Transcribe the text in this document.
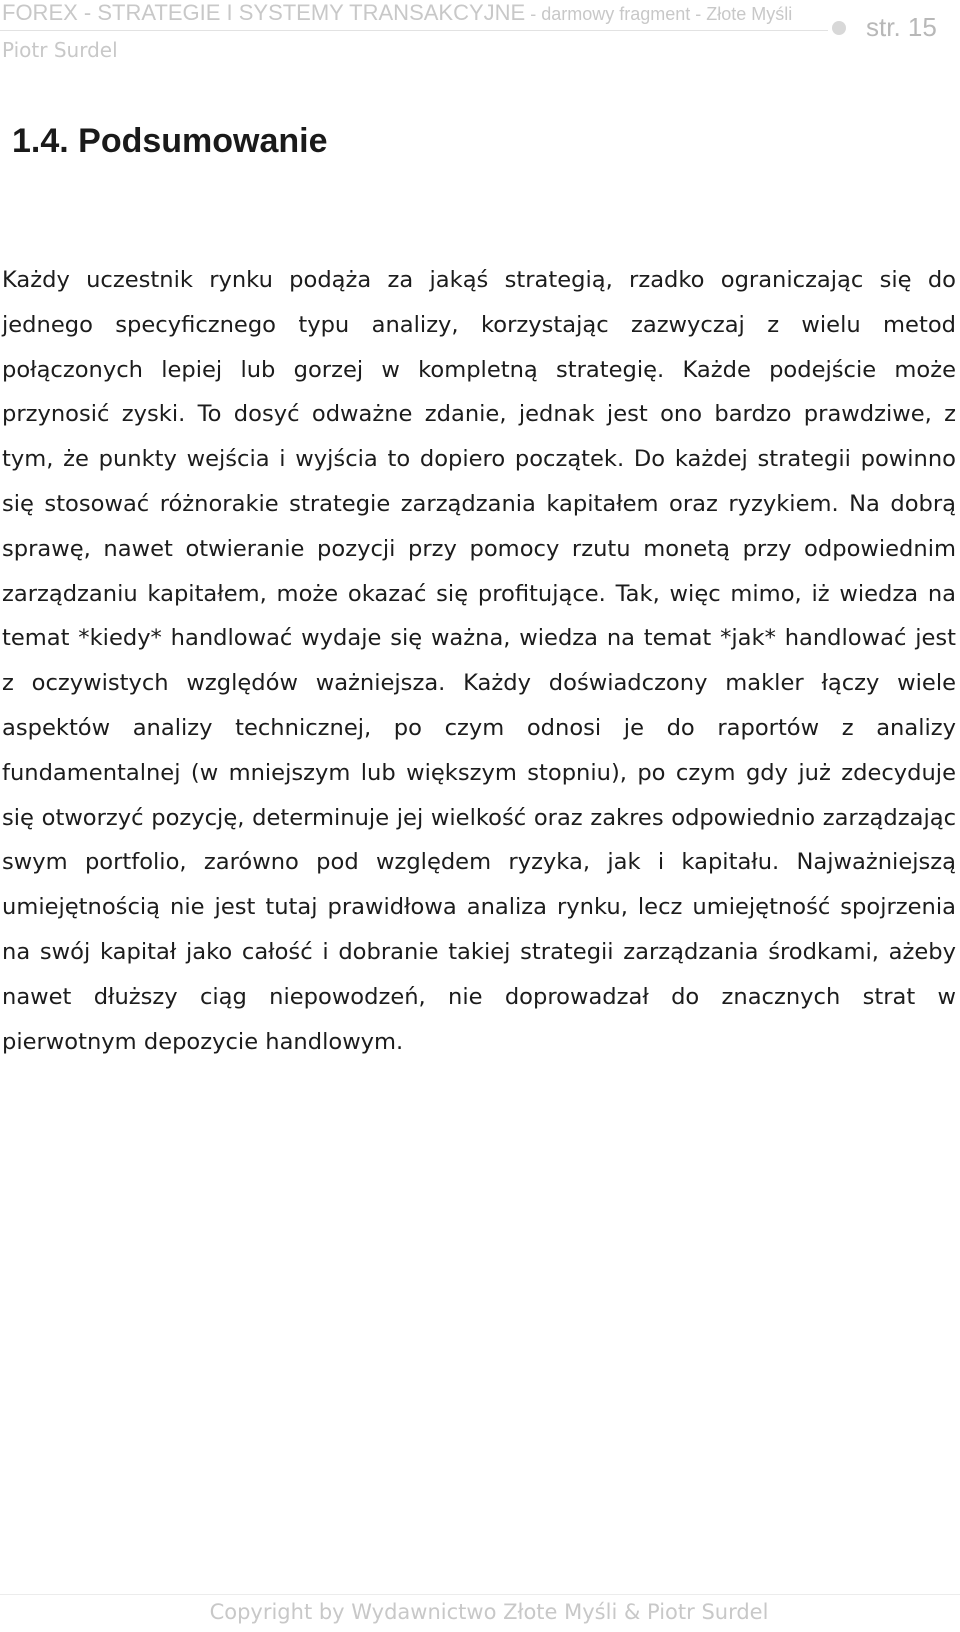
FOREX - STRATEGIE I SYSTEMY TRANSAKCYJNE - darmowy fragment - Złote Myśli
Piotr Surdel
str. 15
1.4. Podsumowanie

Każdy uczestnik rynku podąża za jakąś strategią, rzadko ograniczając się do jednego specyficznego typu analizy, korzystając zazwyczaj z wielu metod połączonych lepiej lub gorzej w kompletną strategię. Każde podejście może przynosić zyski. To dosyć odważne zdanie, jednak jest ono bardzo prawdziwe, z tym, że punkty wejścia i wyjścia to dopiero początek. Do każdej strategii powinno się stosować różnorakie strategie zarządzania kapitałem oraz ryzykiem. Na dobrą sprawę, nawet otwieranie pozycji przy pomocy rzutu monetą przy odpowiednim zarządzaniu kapitałem, może okazać się profitujące. Tak, więc mimo, iż wiedza na temat *kiedy* handlować wydaje się ważna, wiedza na temat *jak* handlować jest z oczywistych względów ważniejsza. Każdy doświadczony makler łączy wiele aspektów analizy technicznej, po czym odnosi je do raportów z analizy fundamentalnej (w mniejszym lub większym stopniu), po czym gdy już zdecyduje się otworzyć pozycję, determinuje jej wielkość oraz zakres odpowiednio zarządzając swym portfolio, zarówno pod względem ryzyka, jak i kapitału. Najważniejszą umiejętnością nie jest tutaj prawidłowa analiza rynku, lecz umiejętność spojrzenia na swój kapitał jako całość i dobranie takiej strategii zarządzania środkami, ażeby nawet dłuższy ciąg niepowodzeń, nie doprowadzał do znacznych strat w pierwotnym depozycie handlowym.

Copyright by Wydawnictwo Złote Myśli & Piotr Surdel
